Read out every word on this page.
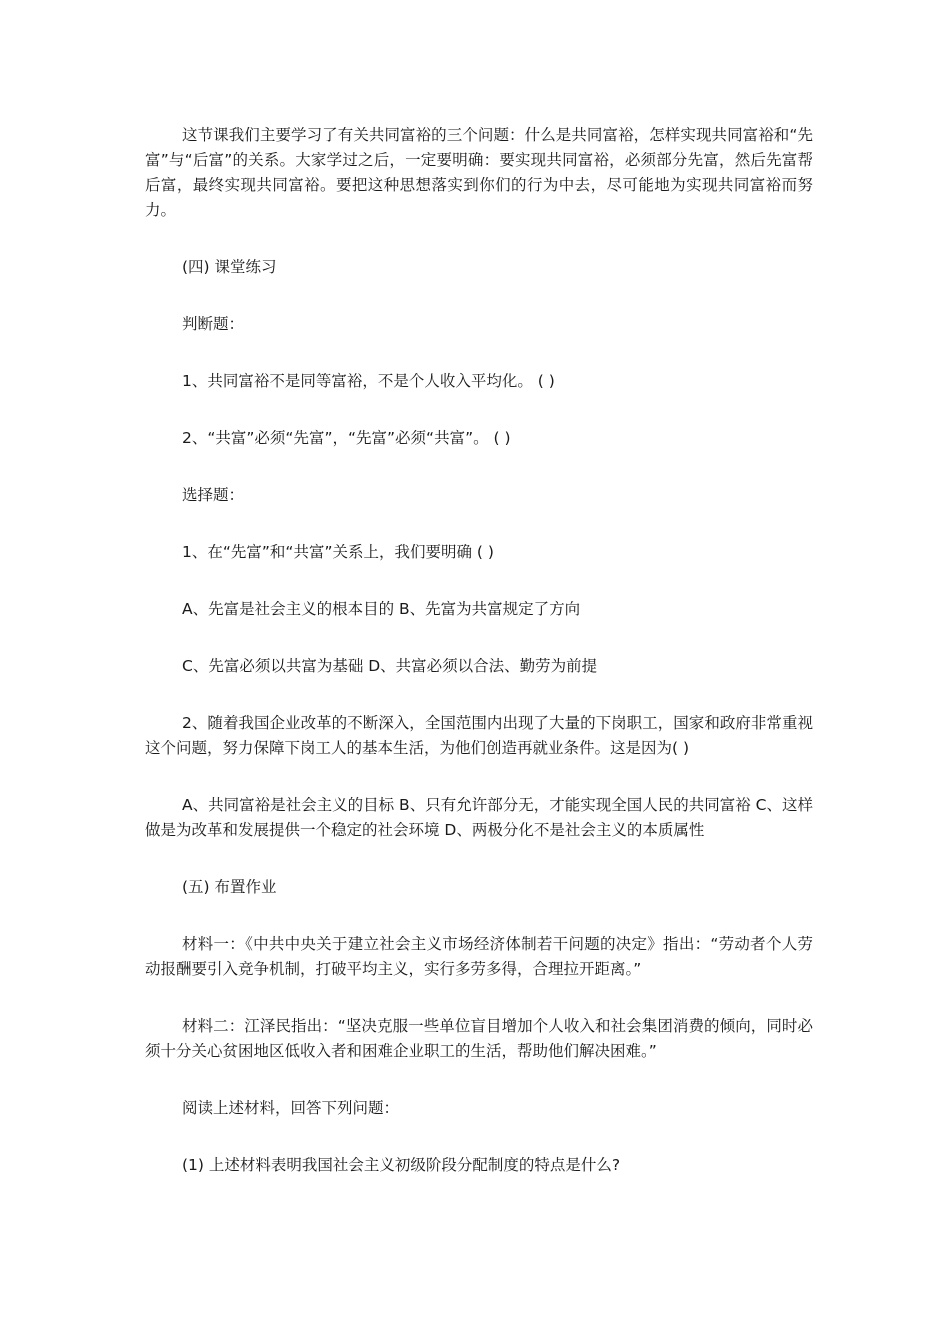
这节课我们主要学习了有关共同富裕的三个问题：什么是共同富裕，怎样实现共同富裕和“先富”与“后富”的关系。大家学过之后，一定要明确：要实现共同富裕，必须部分先富，然后先富帮后富，最终实现共同富裕。要把这种思想落实到你们的行为中去，尽可能地为实现共同富裕而努力。

(四) 课堂练习

判断题：

1、共同富裕不是同等富裕，不是个人收入平均化。 ( )

2、“共富”必须“先富”，“先富”必须“共富”。 ( )

选择题：

1、在“先富”和“共富”关系上，我们要明确 ( )

A、先富是社会主义的根本目的 B、先富为共富规定了方向

C、先富必须以共富为基础 D、共富必须以合法、勤劳为前提

2、随着我国企业改革的不断深入，全国范围内出现了大量的下岗职工，国家和政府非常重视这个问题，努力保障下岗工人的基本生活，为他们创造再就业条件。这是因为( )

A、共同富裕是社会主义的目标 B、只有允许部分无，才能实现全国人民的共同富裕 C、这样做是为改革和发展提供一个稳定的社会环境 D、两极分化不是社会主义的本质属性

(五) 布置作业

材料一：《中共中央关于建立社会主义市场经济体制若干问题的决定》指出：“劳动者个人劳动报酬要引入竞争机制，打破平均主义，实行多劳多得，合理拉开距离。”

材料二：江泽民指出：“坚决克服一些单位盲目增加个人收入和社会集团消费的倾向，同时必须十分关心贫困地区低收入者和困难企业职工的生活，帮助他们解决困难。”

阅读上述材料，回答下列问题：

(1) 上述材料表明我国社会主义初级阶段分配制度的特点是什么?
